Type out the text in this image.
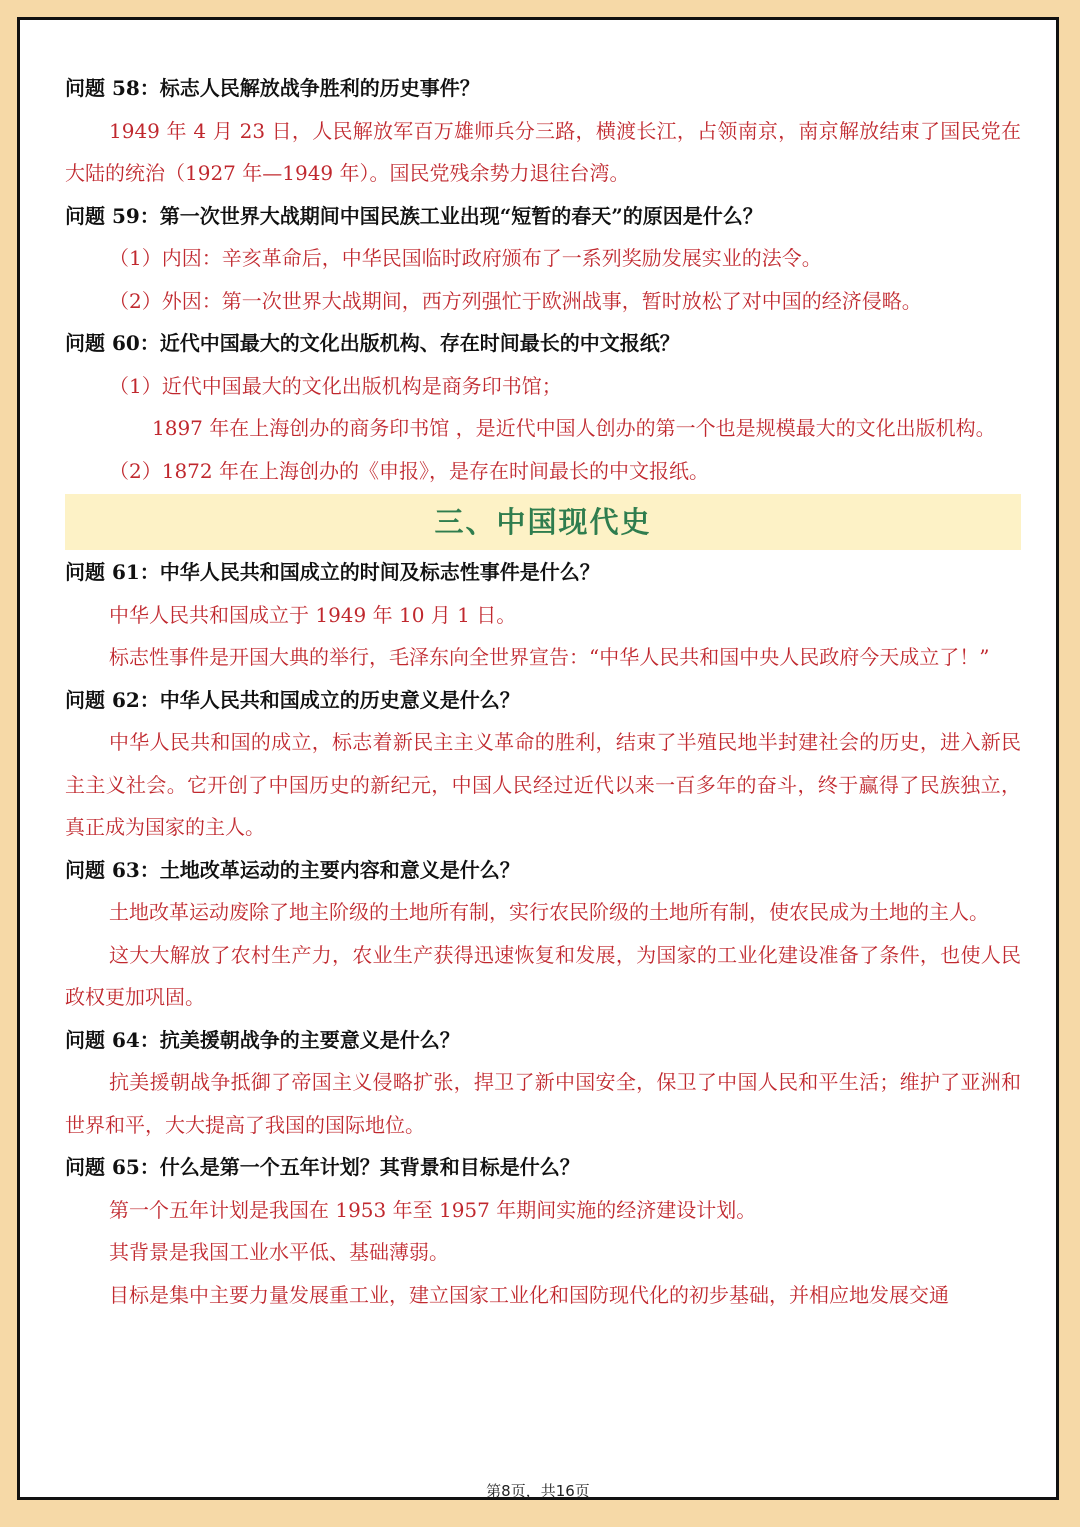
问题 58：标志人民解放战争胜利的历史事件？
1949 年 4 月 23 日，人民解放军百万雄师兵分三路，横渡长江，占领南京，南京解放结束了国民党在大陆的统治（1927 年—1949 年）。国民党残余势力退往台湾。
问题 59：第一次世界大战期间中国民族工业出现“短暂的春天”的原因是什么？
（1）内因：辛亥革命后，中华民国临时政府颁布了一系列奖励发展实业的法令。
（2）外因：第一次世界大战期间，西方列强忙于欧洲战事，暂时放松了对中国的经济侵略。
问题 60：近代中国最大的文化出版机构、存在时间最长的中文报纸？
（1）近代中国最大的文化出版机构是商务印书馆；
1897 年在上海创办的商务印书馆 ，是近代中国人创办的第一个也是规模最大的文化出版机构。
（2）1872 年在上海创办的《申报》，是存在时间最长的中文报纸。
三、中国现代史
问题 61：中华人民共和国成立的时间及标志性事件是什么？
中华人民共和国成立于 1949 年 10 月 1 日。
标志性事件是开国大典的举行，毛泽东向全世界宣告：“中华人民共和国中央人民政府今天成立了！”
问题 62：中华人民共和国成立的历史意义是什么？
中华人民共和国的成立，标志着新民主主义革命的胜利，结束了半殖民地半封建社会的历史，进入新民主主义社会。它开创了中国历史的新纪元，中国人民经过近代以来一百多年的奋斗，终于赢得了民族独立，真正成为国家的主人。
问题 63：土地改革运动的主要内容和意义是什么？
土地改革运动废除了地主阶级的土地所有制，实行农民阶级的土地所有制，使农民成为土地的主人。
这大大解放了农村生产力，农业生产获得迅速恢复和发展，为国家的工业化建设准备了条件，也使人民政权更加巩固。
问题 64：抗美援朝战争的主要意义是什么？
抗美援朝战争抵御了帝国主义侵略扩张，捍卫了新中国安全，保卫了中国人民和平生活；维护了亚洲和世界和平，大大提高了我国的国际地位。
问题 65：什么是第一个五年计划？其背景和目标是什么？
第一个五年计划是我国在 1953 年至 1957 年期间实施的经济建设计划。
其背景是我国工业水平低、基础薄弱。
目标是集中主要力量发展重工业，建立国家工业化和国防现代化的初步基础，并相应地发展交通
第8页，共16页
